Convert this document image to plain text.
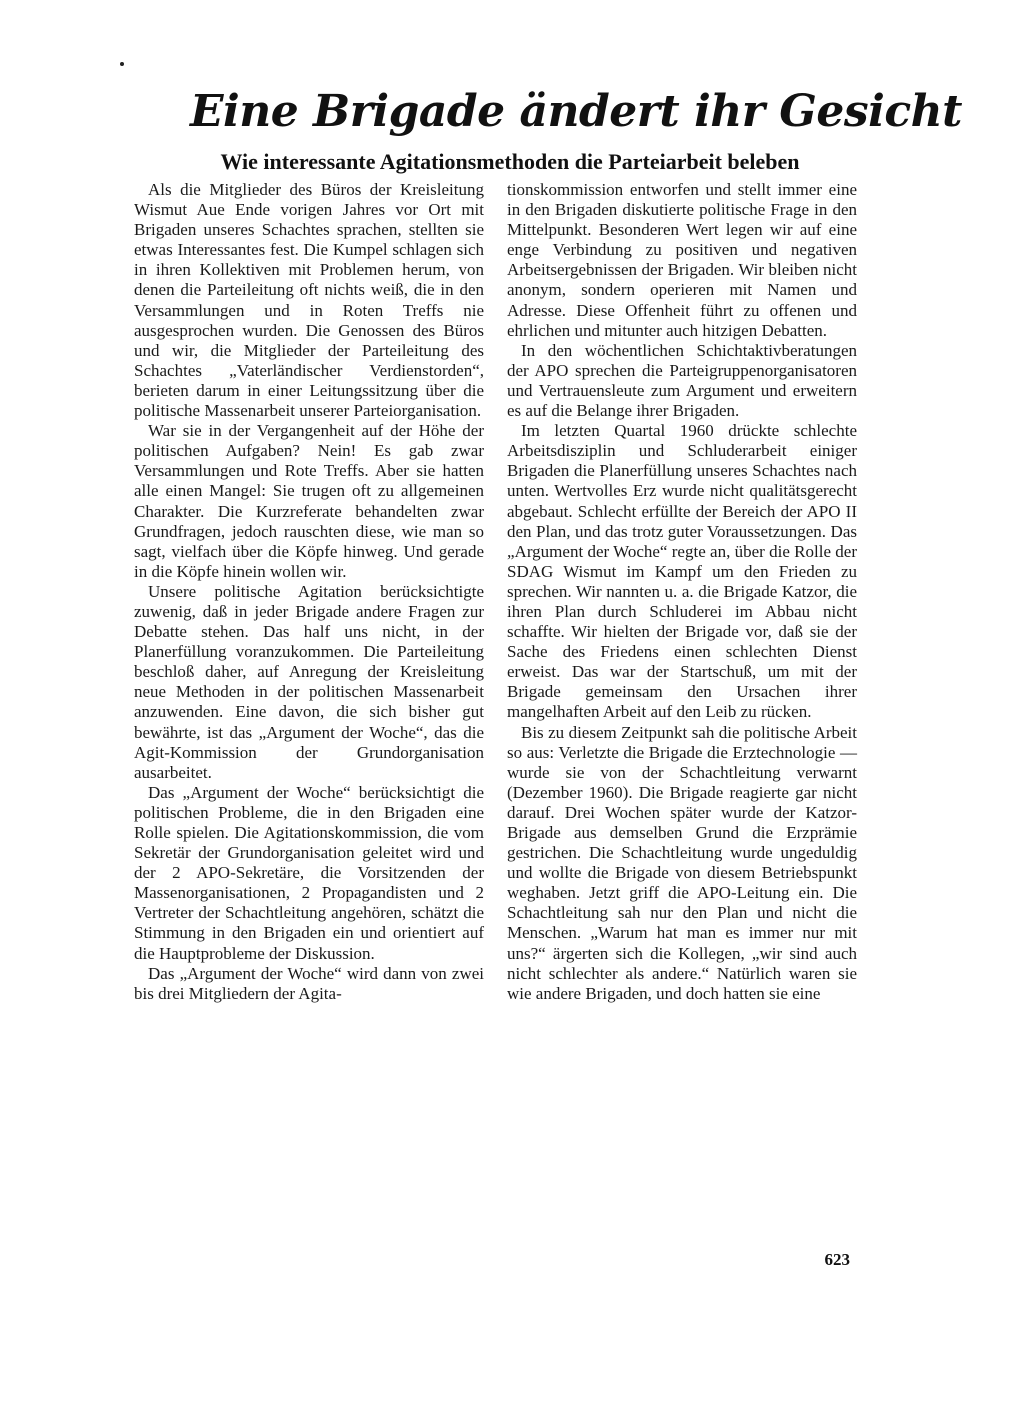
Eine Brigade ändert ihr Gesicht
Wie interessante Agitationsmethoden die Parteiarbeit beleben

Als die Mitglieder des Büros der Kreisleitung Wismut Aue Ende vorigen Jahres vor Ort mit Brigaden unseres Schachtes sprachen, stellten sie etwas Interessantes fest. Die Kumpel schlagen sich in ihren Kollektiven mit Problemen herum, von denen die Parteileitung oft nichts weiß, die in den Versammlungen und in Roten Treffs nie ausgesprochen wurden. Die Genossen des Büros und wir, die Mitglieder der Parteileitung des Schachtes „Vaterländischer Verdienstorden“, berieten darum in einer Leitungssitzung über die politische Massenarbeit unserer Parteiorganisation.

War sie in der Vergangenheit auf der Höhe der politischen Aufgaben? Nein! Es gab zwar Versammlungen und Rote Treffs. Aber sie hatten alle einen Mangel: Sie trugen oft zu allgemeinen Charakter. Die Kurzreferate behandelten zwar Grundfragen, jedoch rauschten diese, wie man so sagt, vielfach über die Köpfe hinweg. Und gerade in die Köpfe hinein wollen wir.

Unsere politische Agitation berücksichtigte zuwenig, daß in jeder Brigade andere Fragen zur Debatte stehen. Das half uns nicht, in der Planerfüllung voranzukommen. Die Parteileitung beschloß daher, auf Anregung der Kreisleitung neue Methoden in der politischen Massenarbeit anzuwenden. Eine davon, die sich bisher gut bewährte, ist das „Argument der Woche“, das die Agit-Kommission der Grundorganisation ausarbeitet.

Das „Argument der Woche“ berücksichtigt die politischen Probleme, die in den Brigaden eine Rolle spielen. Die Agitationskommission, die vom Sekretär der Grundorganisation geleitet wird und der 2 APO-Sekretäre, die Vorsitzenden der Massenorganisationen, 2 Propagandisten und 2 Vertreter der Schachtleitung angehören, schätzt die Stimmung in den Brigaden ein und orientiert auf die Hauptprobleme der Diskussion.

Das „Argument der Woche“ wird dann von zwei bis drei Mitgliedern der Agita-

tionskommission entworfen und stellt immer eine in den Brigaden diskutierte politische Frage in den Mittelpunkt. Besonderen Wert legen wir auf eine enge Verbindung zu positiven und negativen Arbeitsergebnissen der Brigaden. Wir bleiben nicht anonym, sondern operieren mit Namen und Adresse. Diese Offenheit führt zu offenen und ehrlichen und mitunter auch hitzigen Debatten.

In den wöchentlichen Schichtaktivberatungen der APO sprechen die Parteigruppenorganisatoren und Vertrauensleute zum Argument und erweitern es auf die Belange ihrer Brigaden.

Im letzten Quartal 1960 drückte schlechte Arbeitsdisziplin und Schluderarbeit einiger Brigaden die Planerfüllung unseres Schachtes nach unten. Wertvolles Erz wurde nicht qualitätsgerecht abgebaut. Schlecht erfüllte der Bereich der APO II den Plan, und das trotz guter Voraussetzungen. Das „Argument der Woche“ regte an, über die Rolle der SDAG Wismut im Kampf um den Frieden zu sprechen. Wir nannten u. a. die Brigade Katzor, die ihren Plan durch Schluderei im Abbau nicht schaffte. Wir hielten der Brigade vor, daß sie der Sache des Friedens einen schlechten Dienst erweist. Das war der Startschuß, um mit der Brigade gemeinsam den Ursachen ihrer mangelhaften Arbeit auf den Leib zu rücken.

Bis zu diesem Zeitpunkt sah die politische Arbeit so aus: Verletzte die Brigade die Erztechnologie — wurde sie von der Schachtleitung verwarnt (Dezember 1960). Die Brigade reagierte gar nicht darauf. Drei Wochen später wurde der Katzor-Brigade aus demselben Grund die Erzprämie gestrichen. Die Schachtleitung wurde ungeduldig und wollte die Brigade von diesem Betriebspunkt weghaben. Jetzt griff die APO-Leitung ein. Die Schachtleitung sah nur den Plan und nicht die Menschen. „Warum hat man es immer nur mit uns?“ ärgerten sich die Kollegen, „wir sind auch nicht schlechter als andere.“ Natürlich waren sie wie andere Brigaden, und doch hatten sie eine

623
